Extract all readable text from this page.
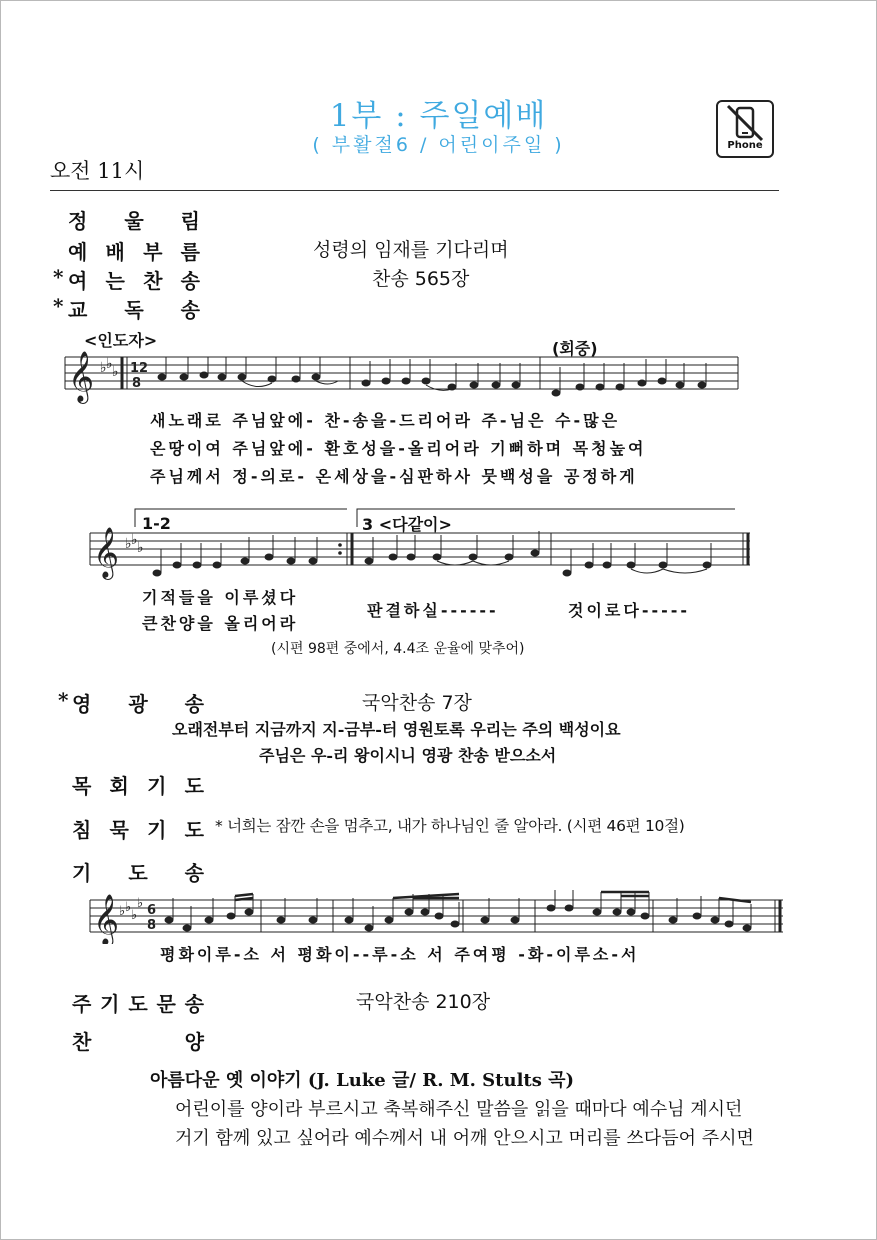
1부 : 주일예배
( 부활절6 / 어린이주일 )	Phone
오전 11시
정 울 림
예 배 부 름	성령의 임재를 기다리며
* 여 는 찬 송	찬송 565장
* 교 독 송
<인도자>	(회중)
𝄞 ♭ ♭ ♭ 12
8
새노래로 주님앞에- 찬-송을-드리어라 주-님은 수-많은
온땅이여 주님앞에- 환호성을-올리어라 기뻐하며 목청높여
주님께서 정-의로- 온세상을-심판하사 뭇백성을 공정하게
𝄞 ♭ ♭ ♭
1-2	3 <다같이>
기적들을 이루셨다
큰찬양을 올리어라
판결하실------	것이로다-----
(시편 98편 중에서, 4.4조 운율에 맞추어)
* 영 광 송	국악찬송 7장
오래전부터 지금까지 지-금부-터 영원토록 우리는 주의 백성이요
주님은 우-리 왕이시니 영광 찬송 받으소서
목 회 기 도
침 묵 기 도 * 너희는 잠깐 손을 멈추고, 내가 하나님인 줄 알아라. (시편 46편 10절)
기 도 송
𝄞 ♭ ♭
♭
♭ 6
8
평화이루-소 서 평화이--루-소 서 주여평 -화-이루소-서
주 기 도 문 송	국악찬송 210장
찬	양
아름다운 옛 이야기 (J. Luke 글/ R. M. Stults 곡)
어린이를 양이라 부르시고 축복해주신 말씀을 읽을 때마다 예수님 계시던
거기 함께 있고 싶어라 예수께서 내 어깨 안으시고 머리를 쓰다듬어 주시면
